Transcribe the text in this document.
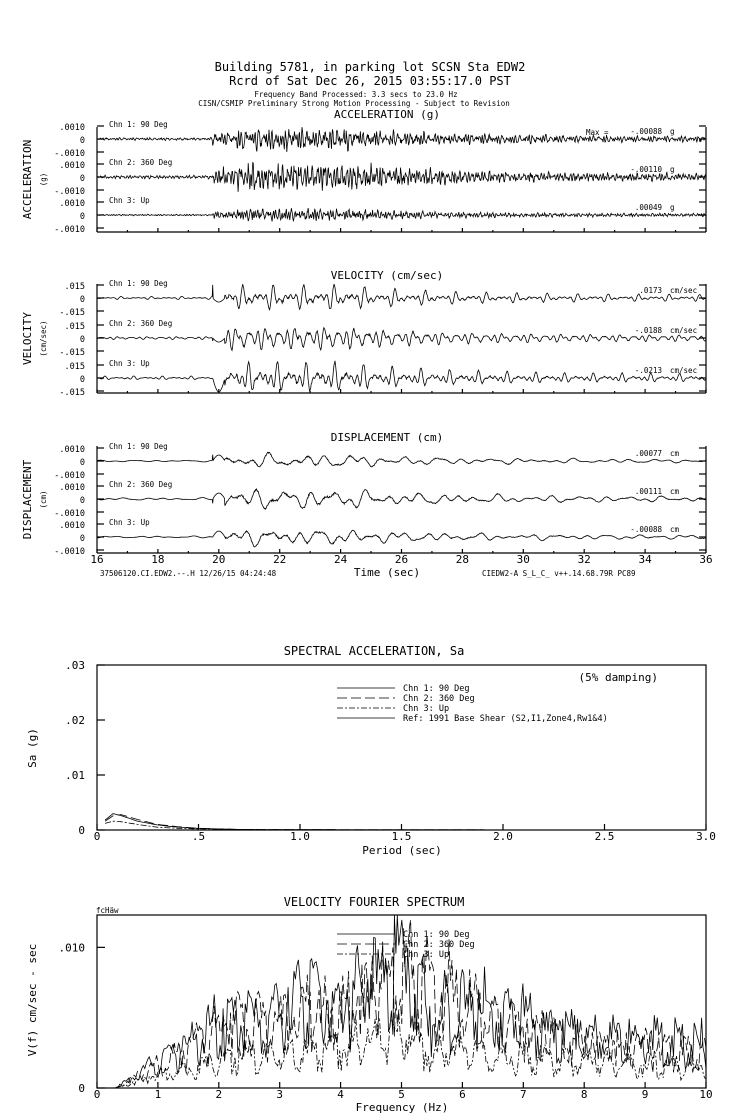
Building 5781, in parking lot SCSN Sta EDW2
Rcrd of Sat Dec 26, 2015 03:55:17.0 PST
Frequency Band Processed: 3.3 secs to 23.0 Hz
CISN/CSMIP Preliminary Strong Motion Processing - Subject to Revision
ACCELERATION (g)
ACCELERATION (g)
.0010
0
-.0010
Chn 1: 90 Deg
Max =	-.00088 g
.0010
0
-.0010
Chn 2: 360 Deg
-.00110 g
.0010
0
-.0010
Chn 3: Up
.00049 g
VELOCITY (cm/sec)
VELOCITY (cm/sec)
.015
0
-.015
Chn 1: 90 Deg
.0173 cm/sec
.015
0
-.015
Chn 2: 360 Deg
-.0188 cm/sec
.015
0
-.015
Chn 3: Up
-.0213 cm/sec
DISPLACEMENT (cm)
DISPLACEMENT (cm)
.0010
0
-.0010
Chn 1: 90 Deg
.00077 cm
.0010
0
-.0010
Chn 2: 360 Deg
.00111 cm
.0010
0
-.0010
Chn 3: Up
-.00088 cm
16	18	20	22	24	26	28	30	32	34	36
37506120.CI.EDW2.--.H 12/26/15 04:24:48	Time (sec)	CIEDW2-A S_L_C_ v++.14.68.79R PC89
SPECTRAL ACCELERATION, Sa
(5% damping)
0	.5	1.0	1.5	2.0	2.5	3.0
0
.01
.02
.03
Chn 1: 90 Deg
Chn 2: 360 Deg
Chn 3: Up
Ref: 1991 Base Shear (S2,I1,Zone4,Rw1&4)
Period (sec)
Sa (g)
VELOCITY FOURIER SPECTRUM
fcHäw
0	1	2	3	4	5	6	7	8	9	10
0
.010
Chn 1: 90 Deg
Chn 2: 360 Deg
Chn 3: Up
Frequency (Hz)
V(f) cm/sec - sec
